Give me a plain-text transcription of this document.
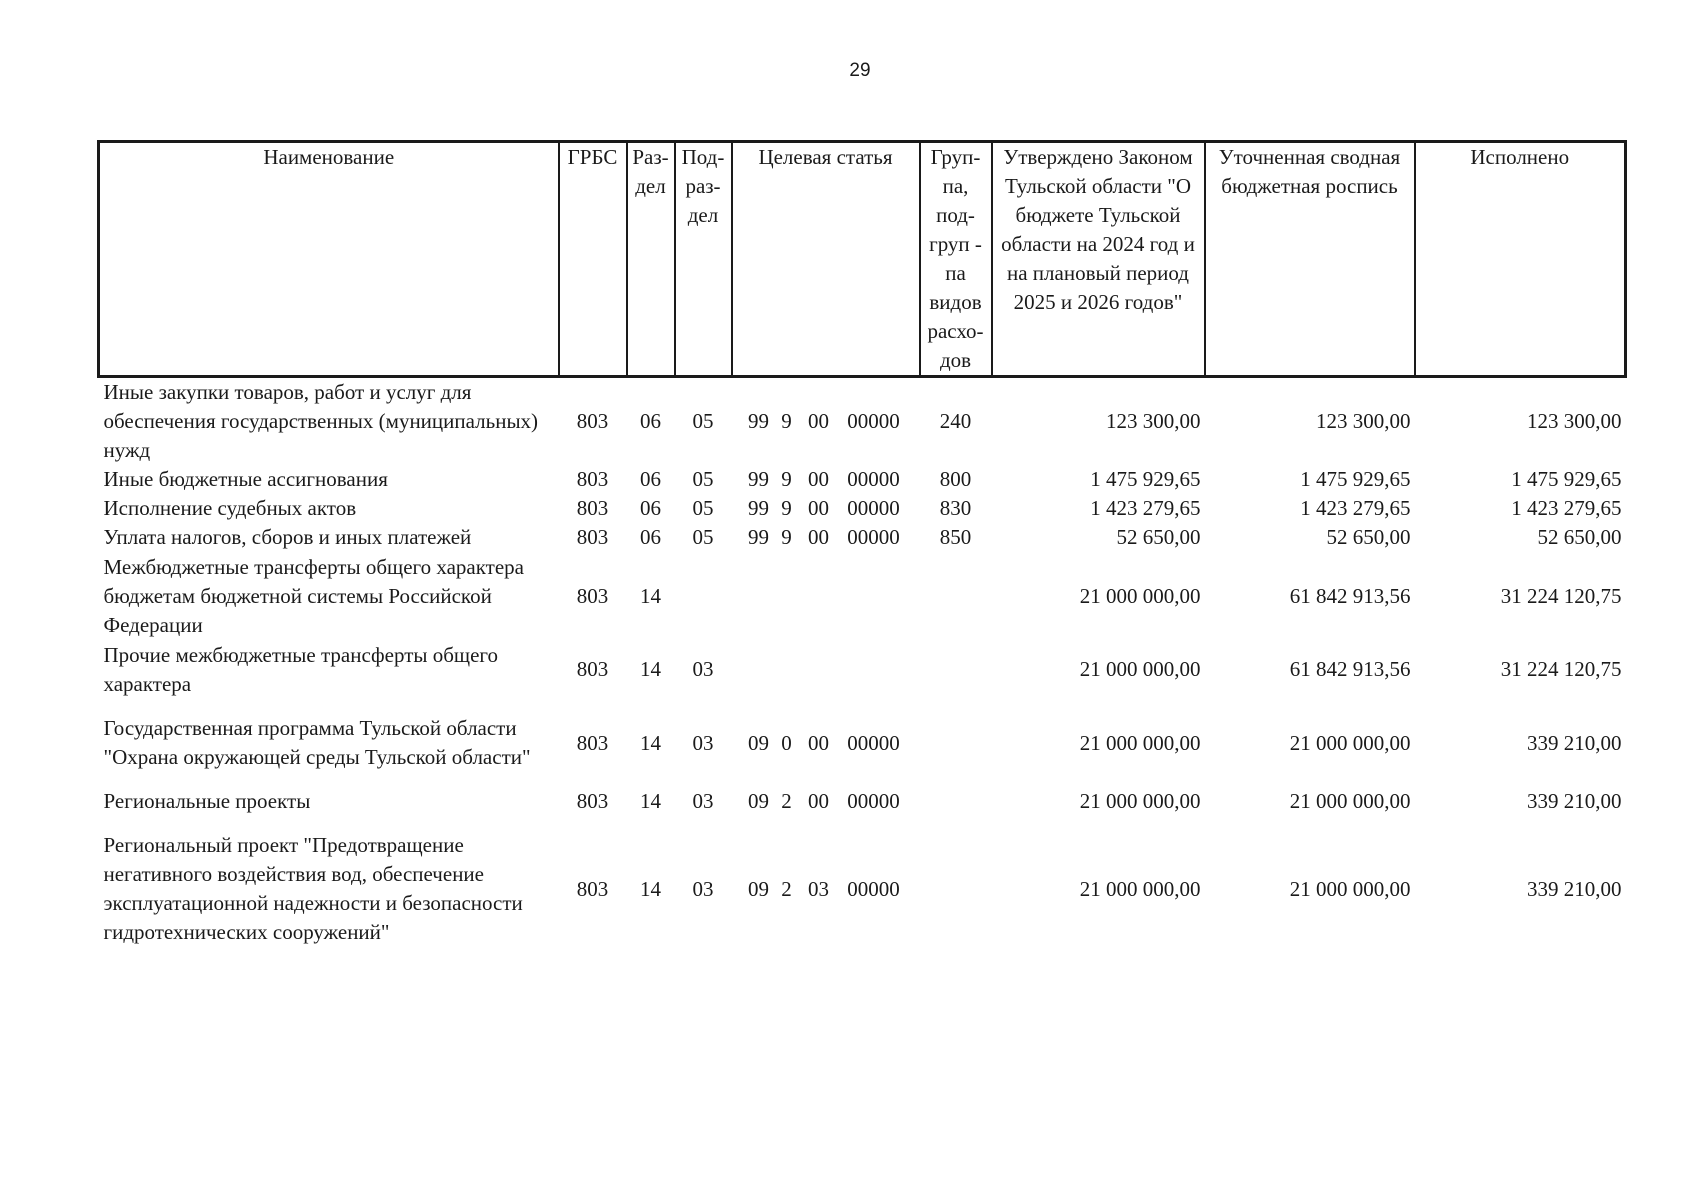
29
Наименование	ГРБС	Раз-дел	Под-раз-дел	Целевая статья	Груп-па, под-груп - па видов расхо-дов	Утверждено Законом Тульской области "О бюджете Тульской области на 2024 год и на плановый период 2025 и 2026 годов"	Уточненная сводная бюджетная роспись	Исполнено
Иные закупки товаров, работ и услуг для обеспечения государственных (муниципальных) нужд	803	06	05	99 9 00 00000	240	123 300,00	123 300,00	123 300,00
Иные бюджетные ассигнования	803	06	05	99 9 00 00000	800	1 475 929,65	1 475 929,65	1 475 929,65
Исполнение судебных актов	803	06	05	99 9 00 00000	830	1 423 279,65	1 423 279,65	1 423 279,65
Уплата налогов, сборов и иных платежей	803	06	05	99 9 00 00000	850	52 650,00	52 650,00	52 650,00
Межбюджетные трансферты общего характера бюджетам бюджетной системы Российской Федерации	803	14				21 000 000,00	61 842 913,56	31 224 120,75
Прочие межбюджетные трансферты общего характера	803	14	03			21 000 000,00	61 842 913,56	31 224 120,75
Государственная программа Тульской области "Охрана окружающей среды Тульской области"	803	14	03	09 0 00 00000		21 000 000,00	21 000 000,00	339 210,00
Региональные проекты	803	14	03	09 2 00 00000		21 000 000,00	21 000 000,00	339 210,00
Региональный проект "Предотвращение негативного воздействия вод, обеспечение эксплуатационной надежности и безопасности гидротехнических сооружений"	803	14	03	09 2 03 00000		21 000 000,00	21 000 000,00	339 210,00
